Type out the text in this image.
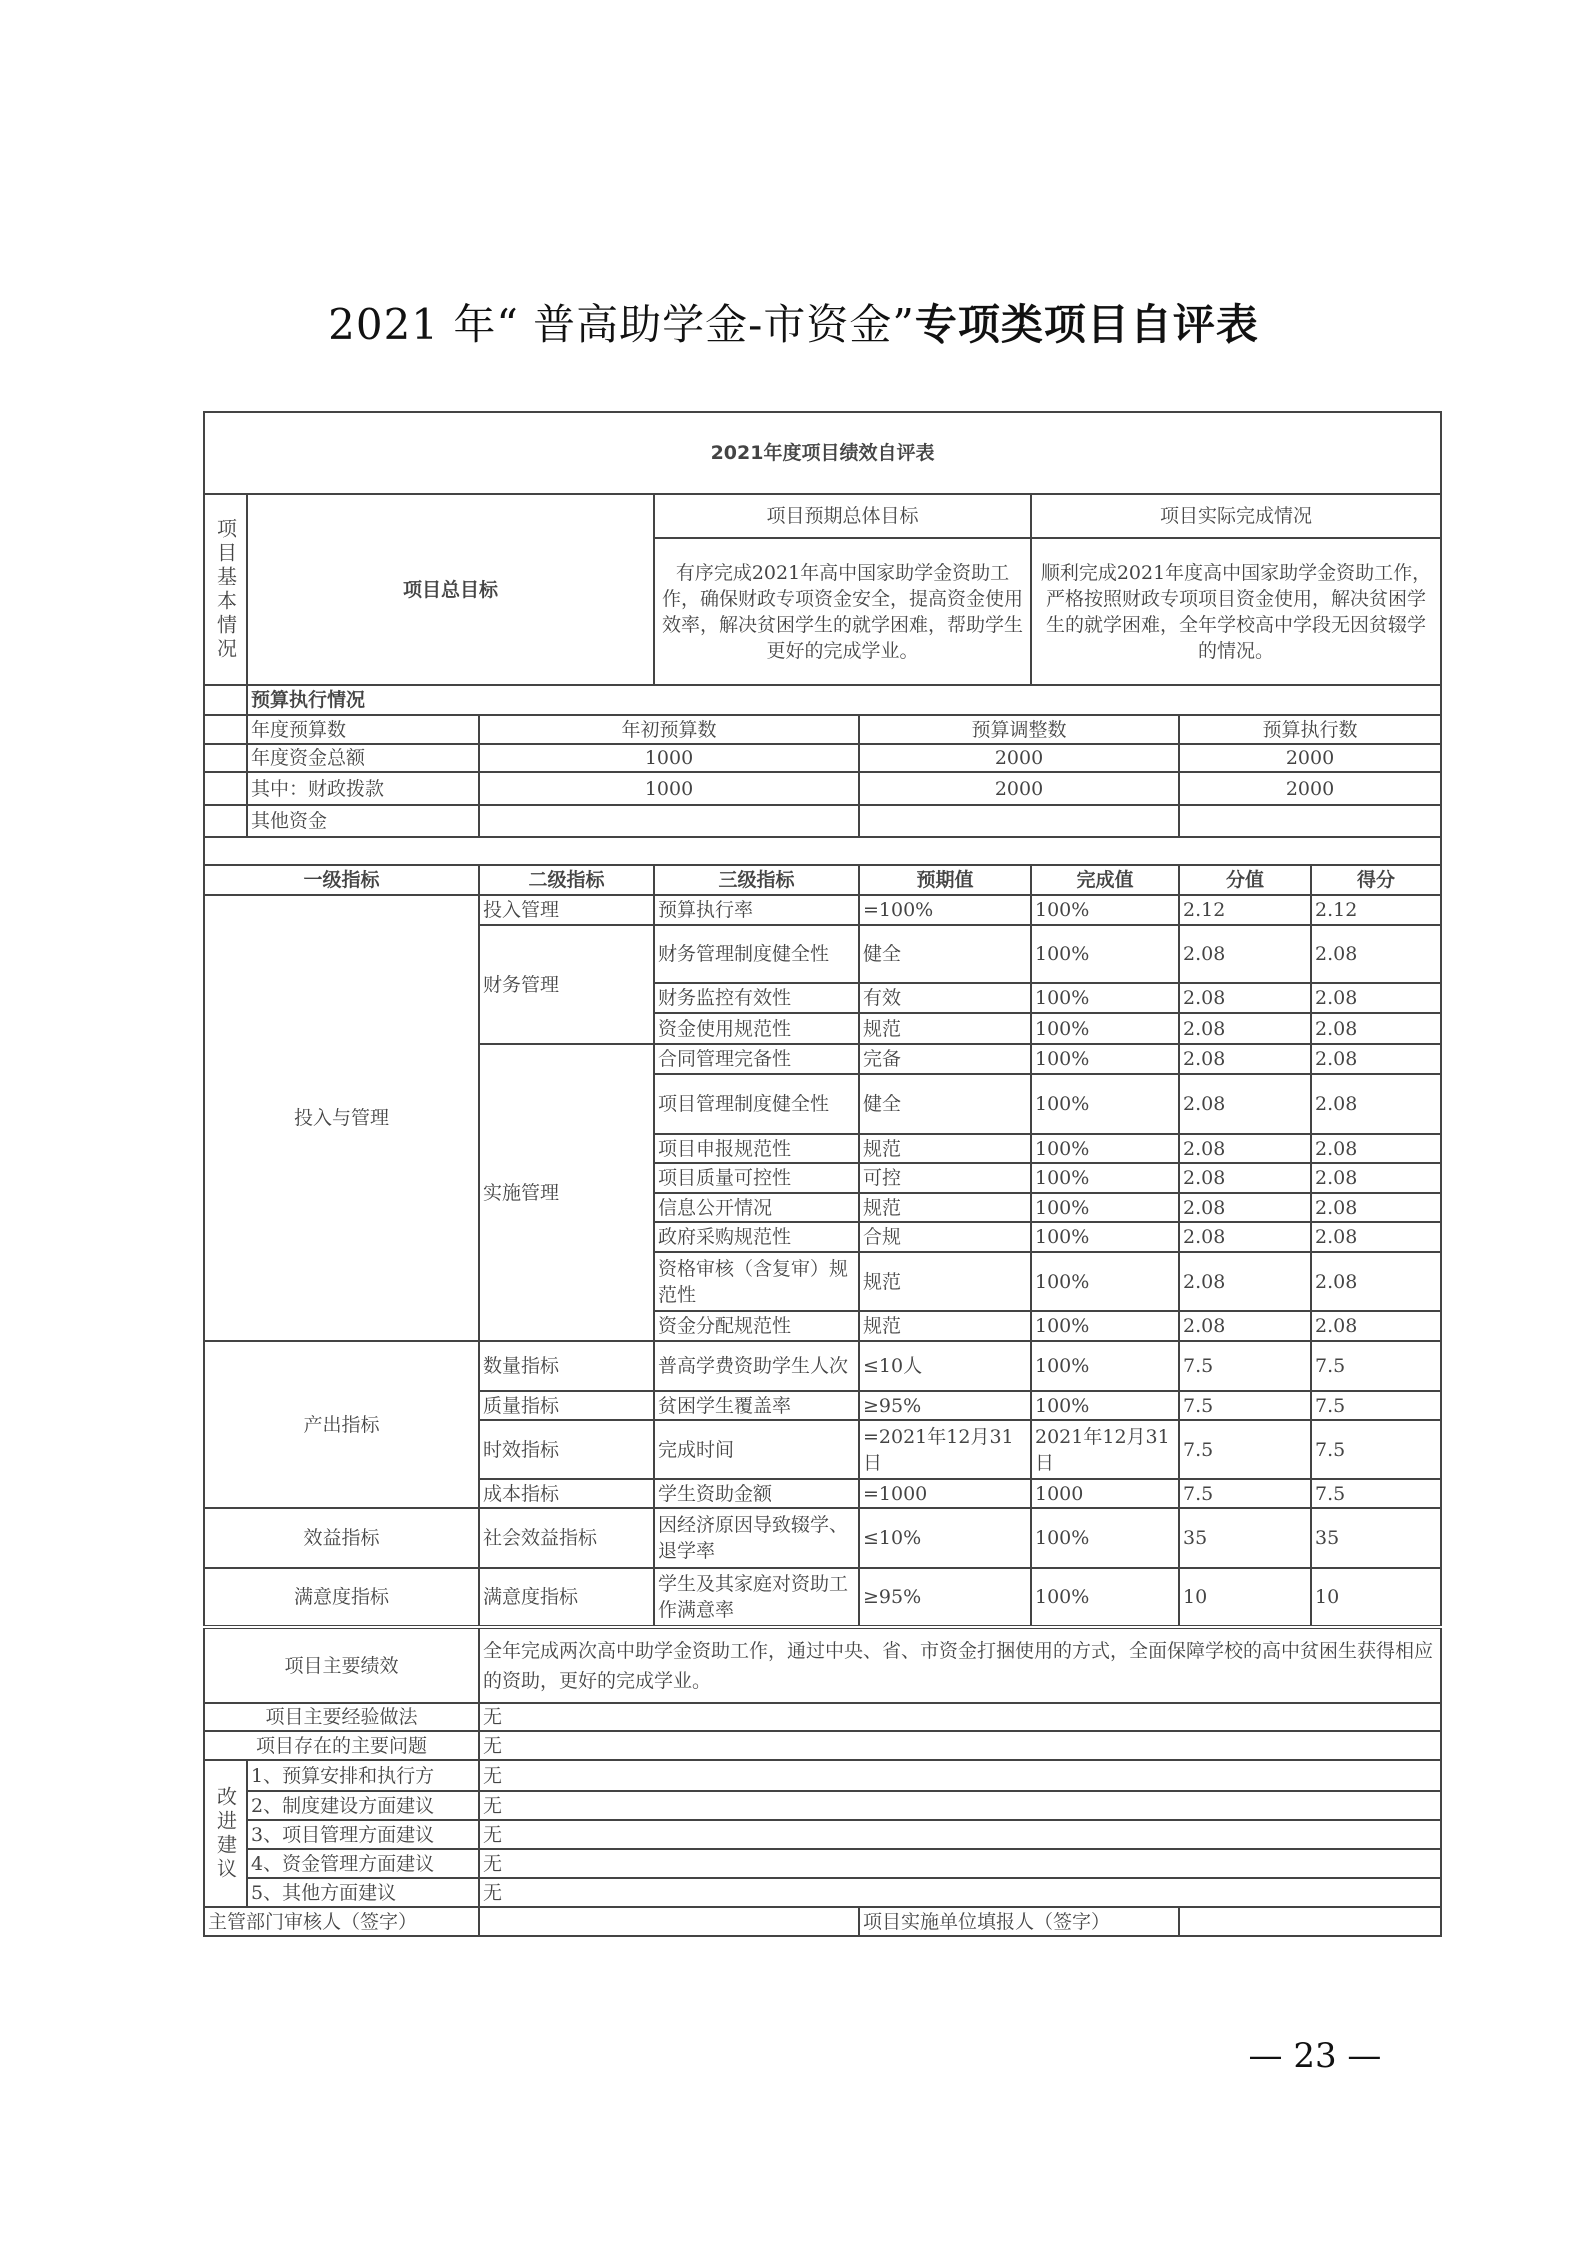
2021 年“ 普高助学金-市资金”专项类项目自评表
2021年度项目绩效自评表							
项目基本情况	项目总目标		项目预期总体目标		项目实际完成情况		
			有序完成2021年高中国家助学金资助工作，确保财政专项资金安全，提高资金使用效率，解决贫困学生的就学困难，帮助学生更好的完成学业。		顺利完成2021年度高中国家助学金资助工作，严格按照财政专项项目资金使用，解决贫困学生的就学困难，全年学校高中学段无因贫辍学的情况。		
	预算执行情况						
	年度预算数	年初预算数		预算调整数		预算执行数	
	年度资金总额	1000		2000		2000	
	其中：财政拨款	1000		2000		2000	
	其他资金						

一级指标		二级指标	三级指标	预期值	完成值	分值	得分
投入与管理		投入管理	预算执行率	=100%	100%	2.12	2.12
		财务管理	财务管理制度健全性	健全	100%	2.08	2.08
			财务监控有效性	有效	100%	2.08	2.08
			资金使用规范性	规范	100%	2.08	2.08
		实施管理	合同管理完备性	完备	100%	2.08	2.08
			项目管理制度健全性	健全	100%	2.08	2.08
			项目申报规范性	规范	100%	2.08	2.08
			项目质量可控性	可控	100%	2.08	2.08
			信息公开情况	规范	100%	2.08	2.08
			政府采购规范性	合规	100%	2.08	2.08
			资格审核（含复审）规范性	规范	100%	2.08	2.08
			资金分配规范性	规范	100%	2.08	2.08
产出指标		数量指标	普高学费资助学生人次	≤10人	100%	7.5	7.5
		质量指标	贫困学生覆盖率	≥95%	100%	7.5	7.5
		时效指标	完成时间	=2021年12月31日	2021年12月31日	7.5	7.5
		成本指标	学生资助金额	=1000	1000	7.5	7.5
效益指标		社会效益指标	因经济原因导致辍学、退学率	≤10%	100%	35	35
满意度指标		满意度指标	学生及其家庭对资助工作满意率	≥95%	100%	10	10
项目主要绩效		全年完成两次高中助学金资助工作，通过中央、省、市资金打捆使用的方式，全面保障学校的高中贫困生获得相应的资助，更好的完成学业。					
项目主要经验做法		无					
项目存在的主要问题		无					
改进建议	1、预算安排和执行方	无					
	2、制度建设方面建议	无					
	3、项目管理方面建议	无					
	4、资金管理方面建议	无					
	5、其他方面建议	无					
主管部门审核人（签字）				项目实施单位填报人（签字）			
— 23 —
